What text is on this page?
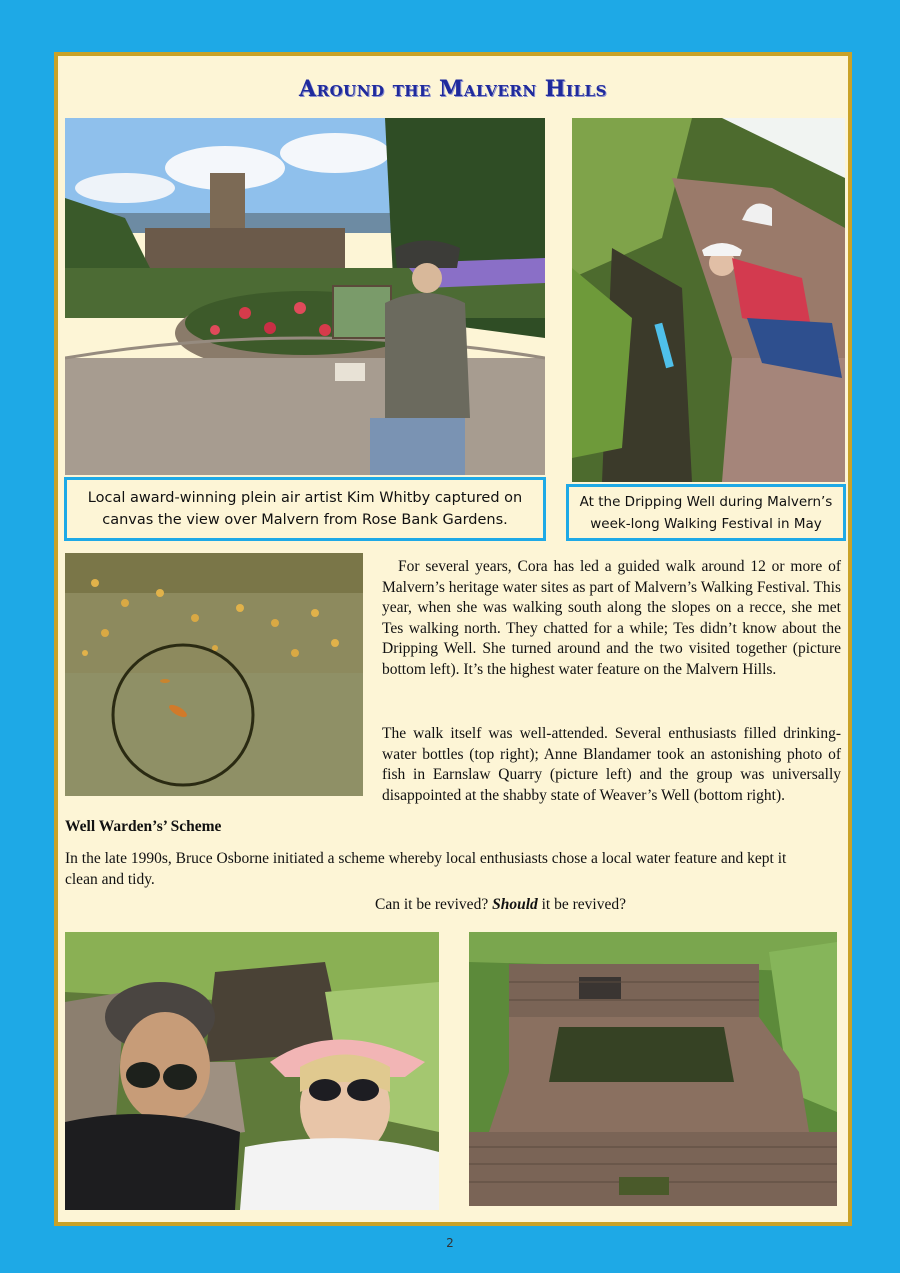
Around the Malvern Hills
Local award-winning plein air artist Kim Whitby captured on canvas the view over Malvern from Rose Bank Gardens.
At the Dripping Well during Malvern’s week-long Walking Festival in May

For several years, Cora has led a guided walk around 12 or more of Malvern’s heritage water sites as part of Malvern’s Walking Festival. This year, when she was walking south along the slopes on a recce, she met Tes walking north. They chatted for a while; Tes didn’t know about the Dripping Well. She turned around and the two visited together (picture bottom left). It’s the highest water feature on the Malvern Hills.

The walk itself was well-attended. Several enthusiasts filled drinking-water bottles (top right); Anne Blandamer took an astonishing photo of fish in Earnslaw Quarry (picture left) and the group was universally disappointed at the shabby state of Weaver’s Well (bottom right).

Well Warden’s’ Scheme

In the late 1990s, Bruce Osborne initiated a scheme whereby local enthusiasts chose a local water feature and kept it clean and tidy.

Can it be revived? Should it be revived?

2
